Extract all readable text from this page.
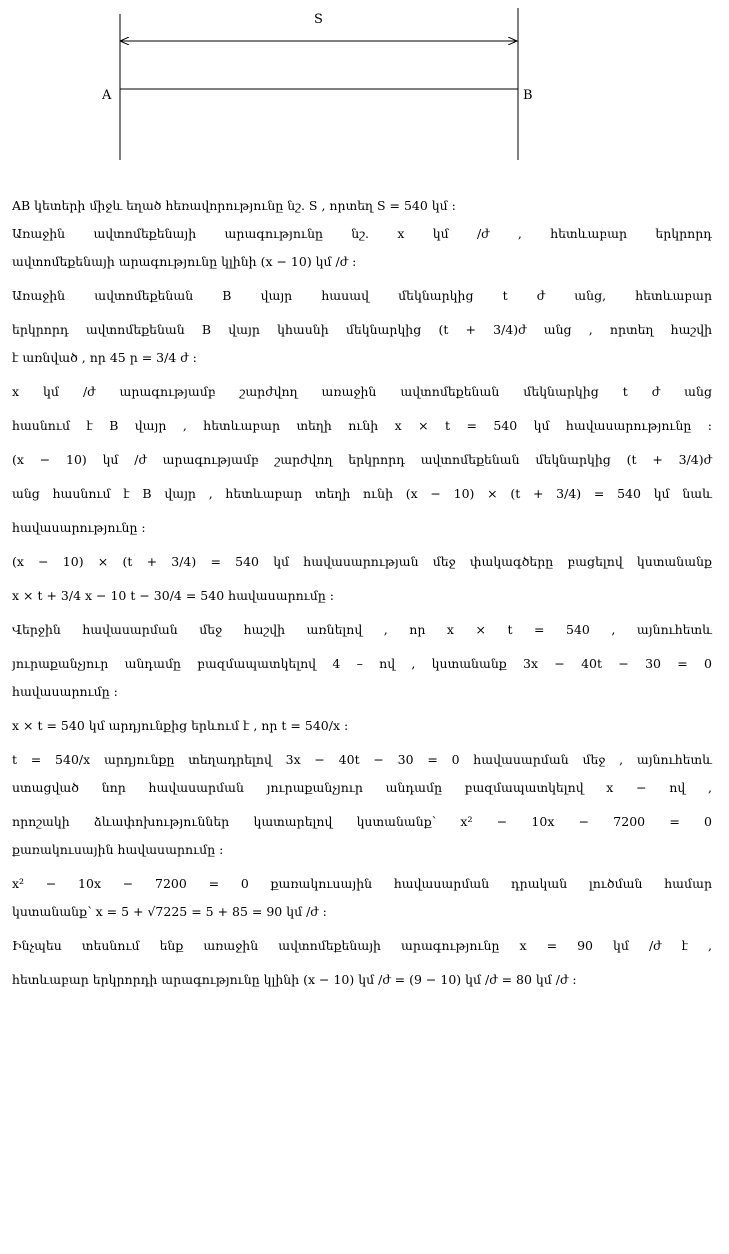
S
A	B

AB կետերի միջև եղած հեռավորությունը նշ. S , որտեղ S = 540 կմ :

Առաջին ավտոմեքենայի արագությունը նշ. x կմ /ժ , հետևաբար երկրորդ

ավտոմեքենայի արագությունը կլինի (x − 10) կմ /ժ :

Առաջին ավտոմեքենան B վայր հասավ մեկնարկից t ժ անց, հետևաբար

երկրորդ ավտոմեքենան B վայր կհասնի մեկնարկից (t + 3/4)ժ անց , որտեղ հաշվի

է առնված , որ 45 ր = 3/4 ժ :

x կմ /ժ արագությամբ շարժվող առաջին ավտոմեքենան մեկնարկից t ժ անց

հասնում է B վայր , հետևաբար տեղի ունի x × t = 540 կմ հավասարությունը :

(x − 10) կմ /ժ արագությամբ շարժվող երկրորդ ավտոմեքենան մեկնարկից (t + 3/4)ժ

անց հասնում է B վայր , հետևաբար տեղի ունի (x − 10) × (t + 3/4) = 540 կմ նաև

հավասարությունը :

(x − 10) × (t + 3/4) = 540 կմ հավասարության մեջ փակագծերը բացելով կստանանք

x × t + 3/4 x − 10 t − 30/4 = 540 հավասարումը :

Վերջին հավասարման մեջ հաշվի առնելով , որ x × t = 540 , այնուհետև

յուրաքանչյուր անդամը բազմապատկելով 4 – ով , կստանանք 3x − 40t − 30 = 0

հավասարումը :

x × t = 540 կմ արդյունքից երևում է , որ t = 540/x :

t = 540/x արդյունքը տեղադրելով 3x − 40t − 30 = 0 հավասարման մեջ , այնուհետև

ստացված նոր հավասարման յուրաքանչյուր անդամը բազմապատկելով x − ով ,

որոշակի ձևափոխություններ կատարելով կստանանք՝ x² − 10x − 7200 = 0

քառակուսային հավասարումը :

x² − 10x − 7200 = 0 քառակուսային հավասարման դրական լուծման համար

կստանանք՝ x = 5 + √7225 = 5 + 85 = 90 կմ /ժ :

Ինչպես տեսնում ենք առաջին ավտոմեքենայի արագությունը x = 90 կմ /ժ է ,

հետևաբար երկրորդի արագությունը կլինի (x − 10) կմ /ժ = (9 − 10) կմ /ժ = 80 կմ /ժ :
